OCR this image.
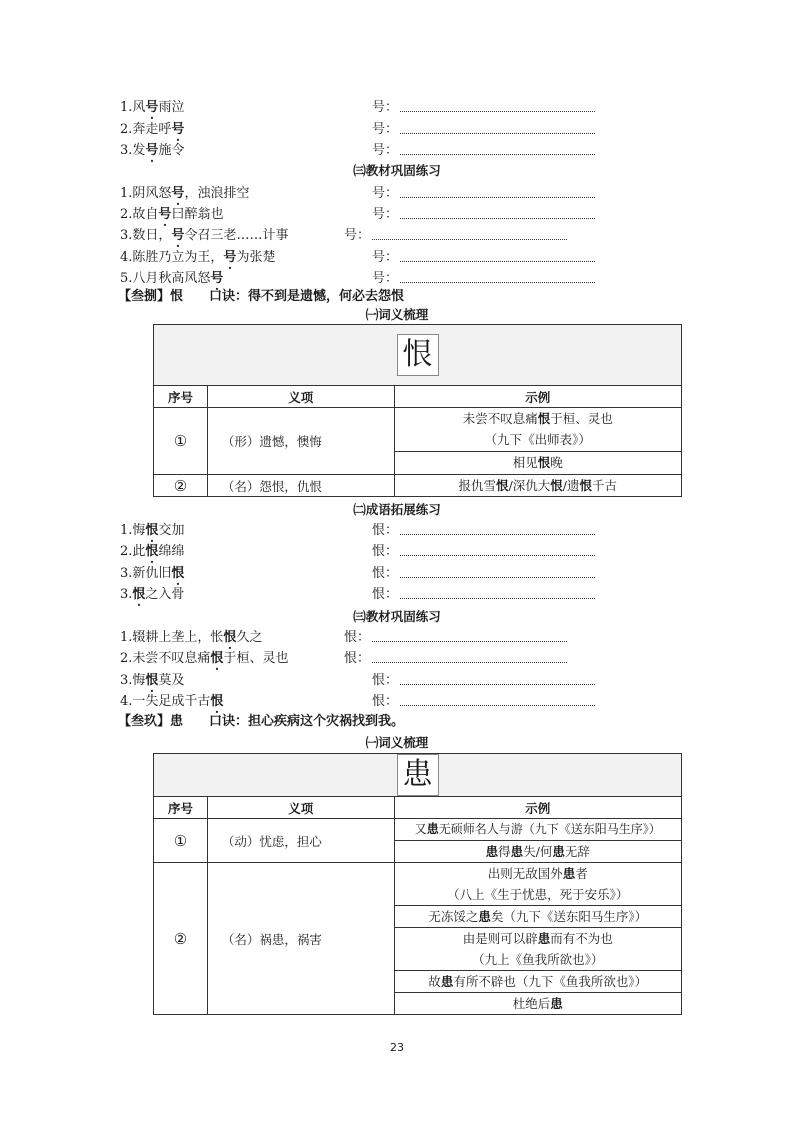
1.风号雨泣	号：
2.奔走呼号	号：
3.发号施令	号：
㈢教材巩固练习
1.阴风怒号，浊浪排空	号：
2.故自号曰醉翁也	号：
3.数日，号令召三老……计事	号：
4.陈胜乃立为王，号为张楚	号：
5.八月秋高风怒号	号：
【叁捌】恨 口诀：得不到是遗憾，何必去怨恨
㈠词义梳理
恨		
序号	义项	示例
①	（形）遗憾，懊悔	未尝不叹息痛恨于桓、灵也
（九下《出师表》）
		相见恨晚
②	（名）怨恨，仇恨	报仇雪恨/深仇大恨/遗恨千古
㈡成语拓展练习
1.悔恨交加	恨：
2.此恨绵绵	恨：
3.新仇旧恨	恨：
3.恨之入骨	恨：
㈢教材巩固练习
1.辍耕上垄上，怅恨久之	恨：
2.未尝不叹息痛恨于桓、灵也	恨：
3.悔恨莫及	恨：
4.一失足成千古恨	恨：
【叁玖】患 口诀：担心疾病这个灾祸找到我。
㈠词义梳理
患		
序号	义项	示例
①	（动）忧虑，担心	又患无硕师名人与游（九下《送东阳马生序》）
		患得患失/何患无辞
②	（名）祸患，祸害	出则无敌国外患者
（八上《生于忧患，死于安乐》）
		无冻馁之患矣（九下《送东阳马生序》）
		由是则可以辟患而有不为也
（九上《鱼我所欲也》）
		故患有所不辟也（九下《鱼我所欲也》）
		杜绝后患
23
